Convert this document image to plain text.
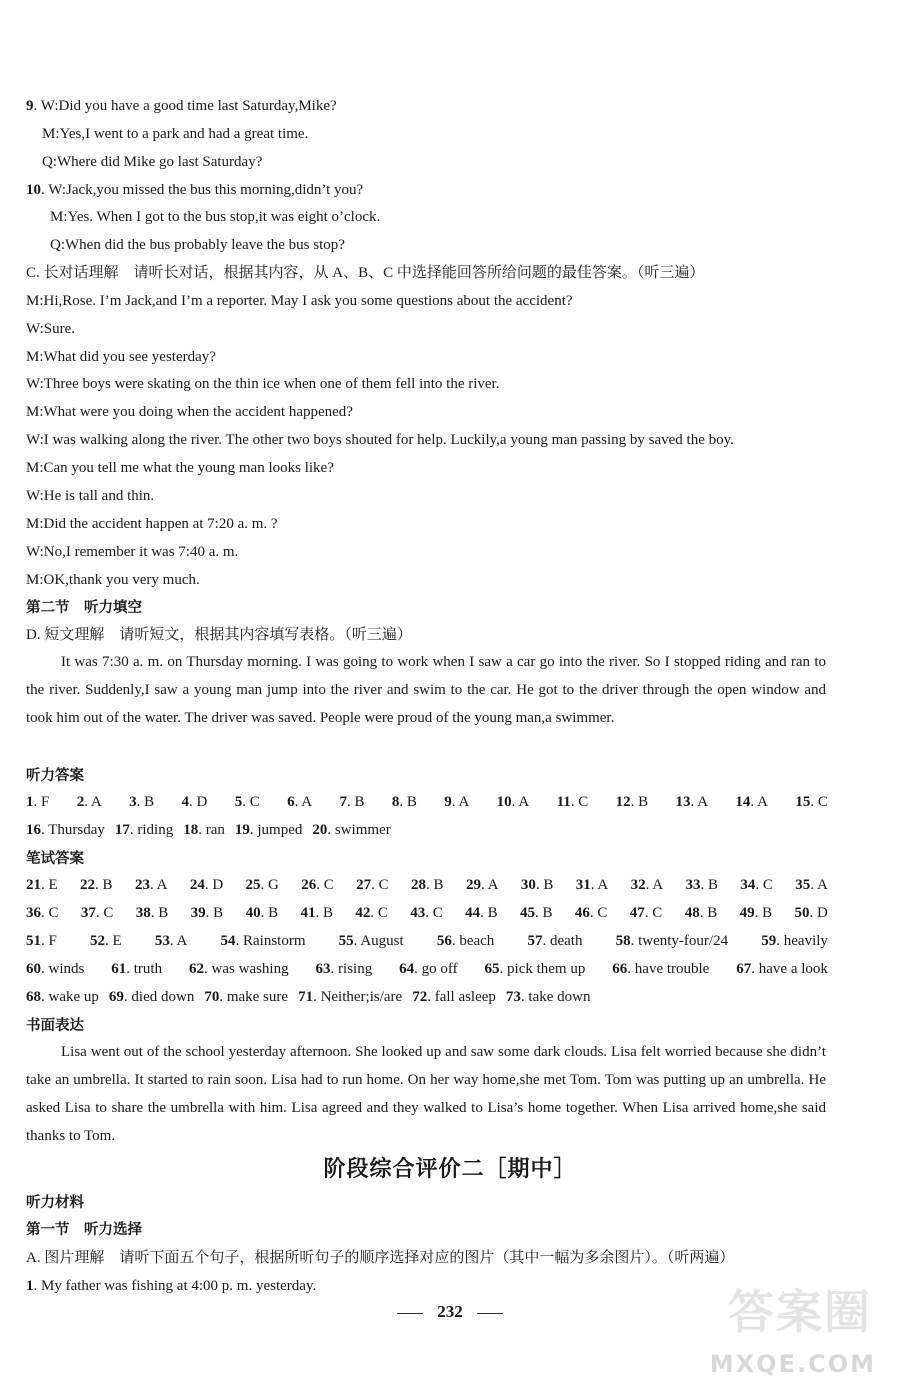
9. W:Did you have a good time last Saturday,Mike?
M:Yes,I went to a park and had a great time.
Q:Where did Mike go last Saturday?
10. W:Jack,you missed the bus this morning,didn’t you?
M:Yes. When I got to the bus stop,it was eight o’clock.
Q:When did the bus probably leave the bus stop?
C. 长对话理解　请听长对话，根据其内容，从 A、B、C 中选择能回答所给问题的最佳答案。（听三遍）
M:Hi,Rose. I’m Jack,and I’m a reporter. May I ask you some questions about the accident?
W:Sure.
M:What did you see yesterday?
W:Three boys were skating on the thin ice when one of them fell into the river.
M:What were you doing when the accident happened?
W:I was walking along the river. The other two boys shouted for help. Luckily,a young man passing by saved the boy.
M:Can you tell me what the young man looks like?
W:He is tall and thin.
M:Did the accident happen at 7:20 a. m. ?
W:No,I remember it was 7:40 a. m.
M:OK,thank you very much.
第二节　听力填空
D. 短文理解　请听短文，根据其内容填写表格。（听三遍）

It was 7:30 a. m. on Thursday morning. I was going to work when I saw a car go into the river. So I stopped riding and ran to the river. Suddenly,I saw a young man jump into the river and swim to the car. He got to the driver through the open window and took him out of the water. The driver was saved. People were proud of the young man,a swimmer.

听力答案
1. F 2. A 3. B 4. D 5. C 6. A 7. B 8. B 9. A 10. A 11. C 12. B 13. A 14. A 15. C
16. Thursday 17. riding 18. ran 19. jumped 20. swimmer
笔试答案
21. E 22. B 23. A 24. D 25. G 26. C 27. C 28. B 29. A 30. B 31. A 32. A 33. B 34. C 35. A
36. C 37. C 38. B 39. B 40. B 41. B 42. C 43. C 44. B 45. B 46. C 47. C 48. B 49. B 50. D
51. F 52. E 53. A 54. Rainstorm 55. August 56. beach 57. death 58. twenty-four/24 59. heavily
60. winds 61. truth 62. was washing 63. rising 64. go off 65. pick them up 66. have trouble 67. have a look
68. wake up 69. died down 70. make sure 71. Neither;is/are 72. fall asleep 73. take down
书面表达

Lisa went out of the school yesterday afternoon. She looked up and saw some dark clouds. Lisa felt worried because she didn’t take an umbrella. It started to rain soon. Lisa had to run home. On her way home,she met Tom. Tom was putting up an umbrella. He asked Lisa to share the umbrella with him. Lisa agreed and they walked to Lisa’s home together. When Lisa arrived home,she said thanks to Tom.

阶段综合评价二［期中］
听力材料
第一节　听力选择
A. 图片理解　请听下面五个句子，根据所听句子的顺序选择对应的图片（其中一幅为多余图片）。（听两遍）
1. My father was fishing at 4:00 p. m. yesterday.
232	答案圈
MXQE.COM
